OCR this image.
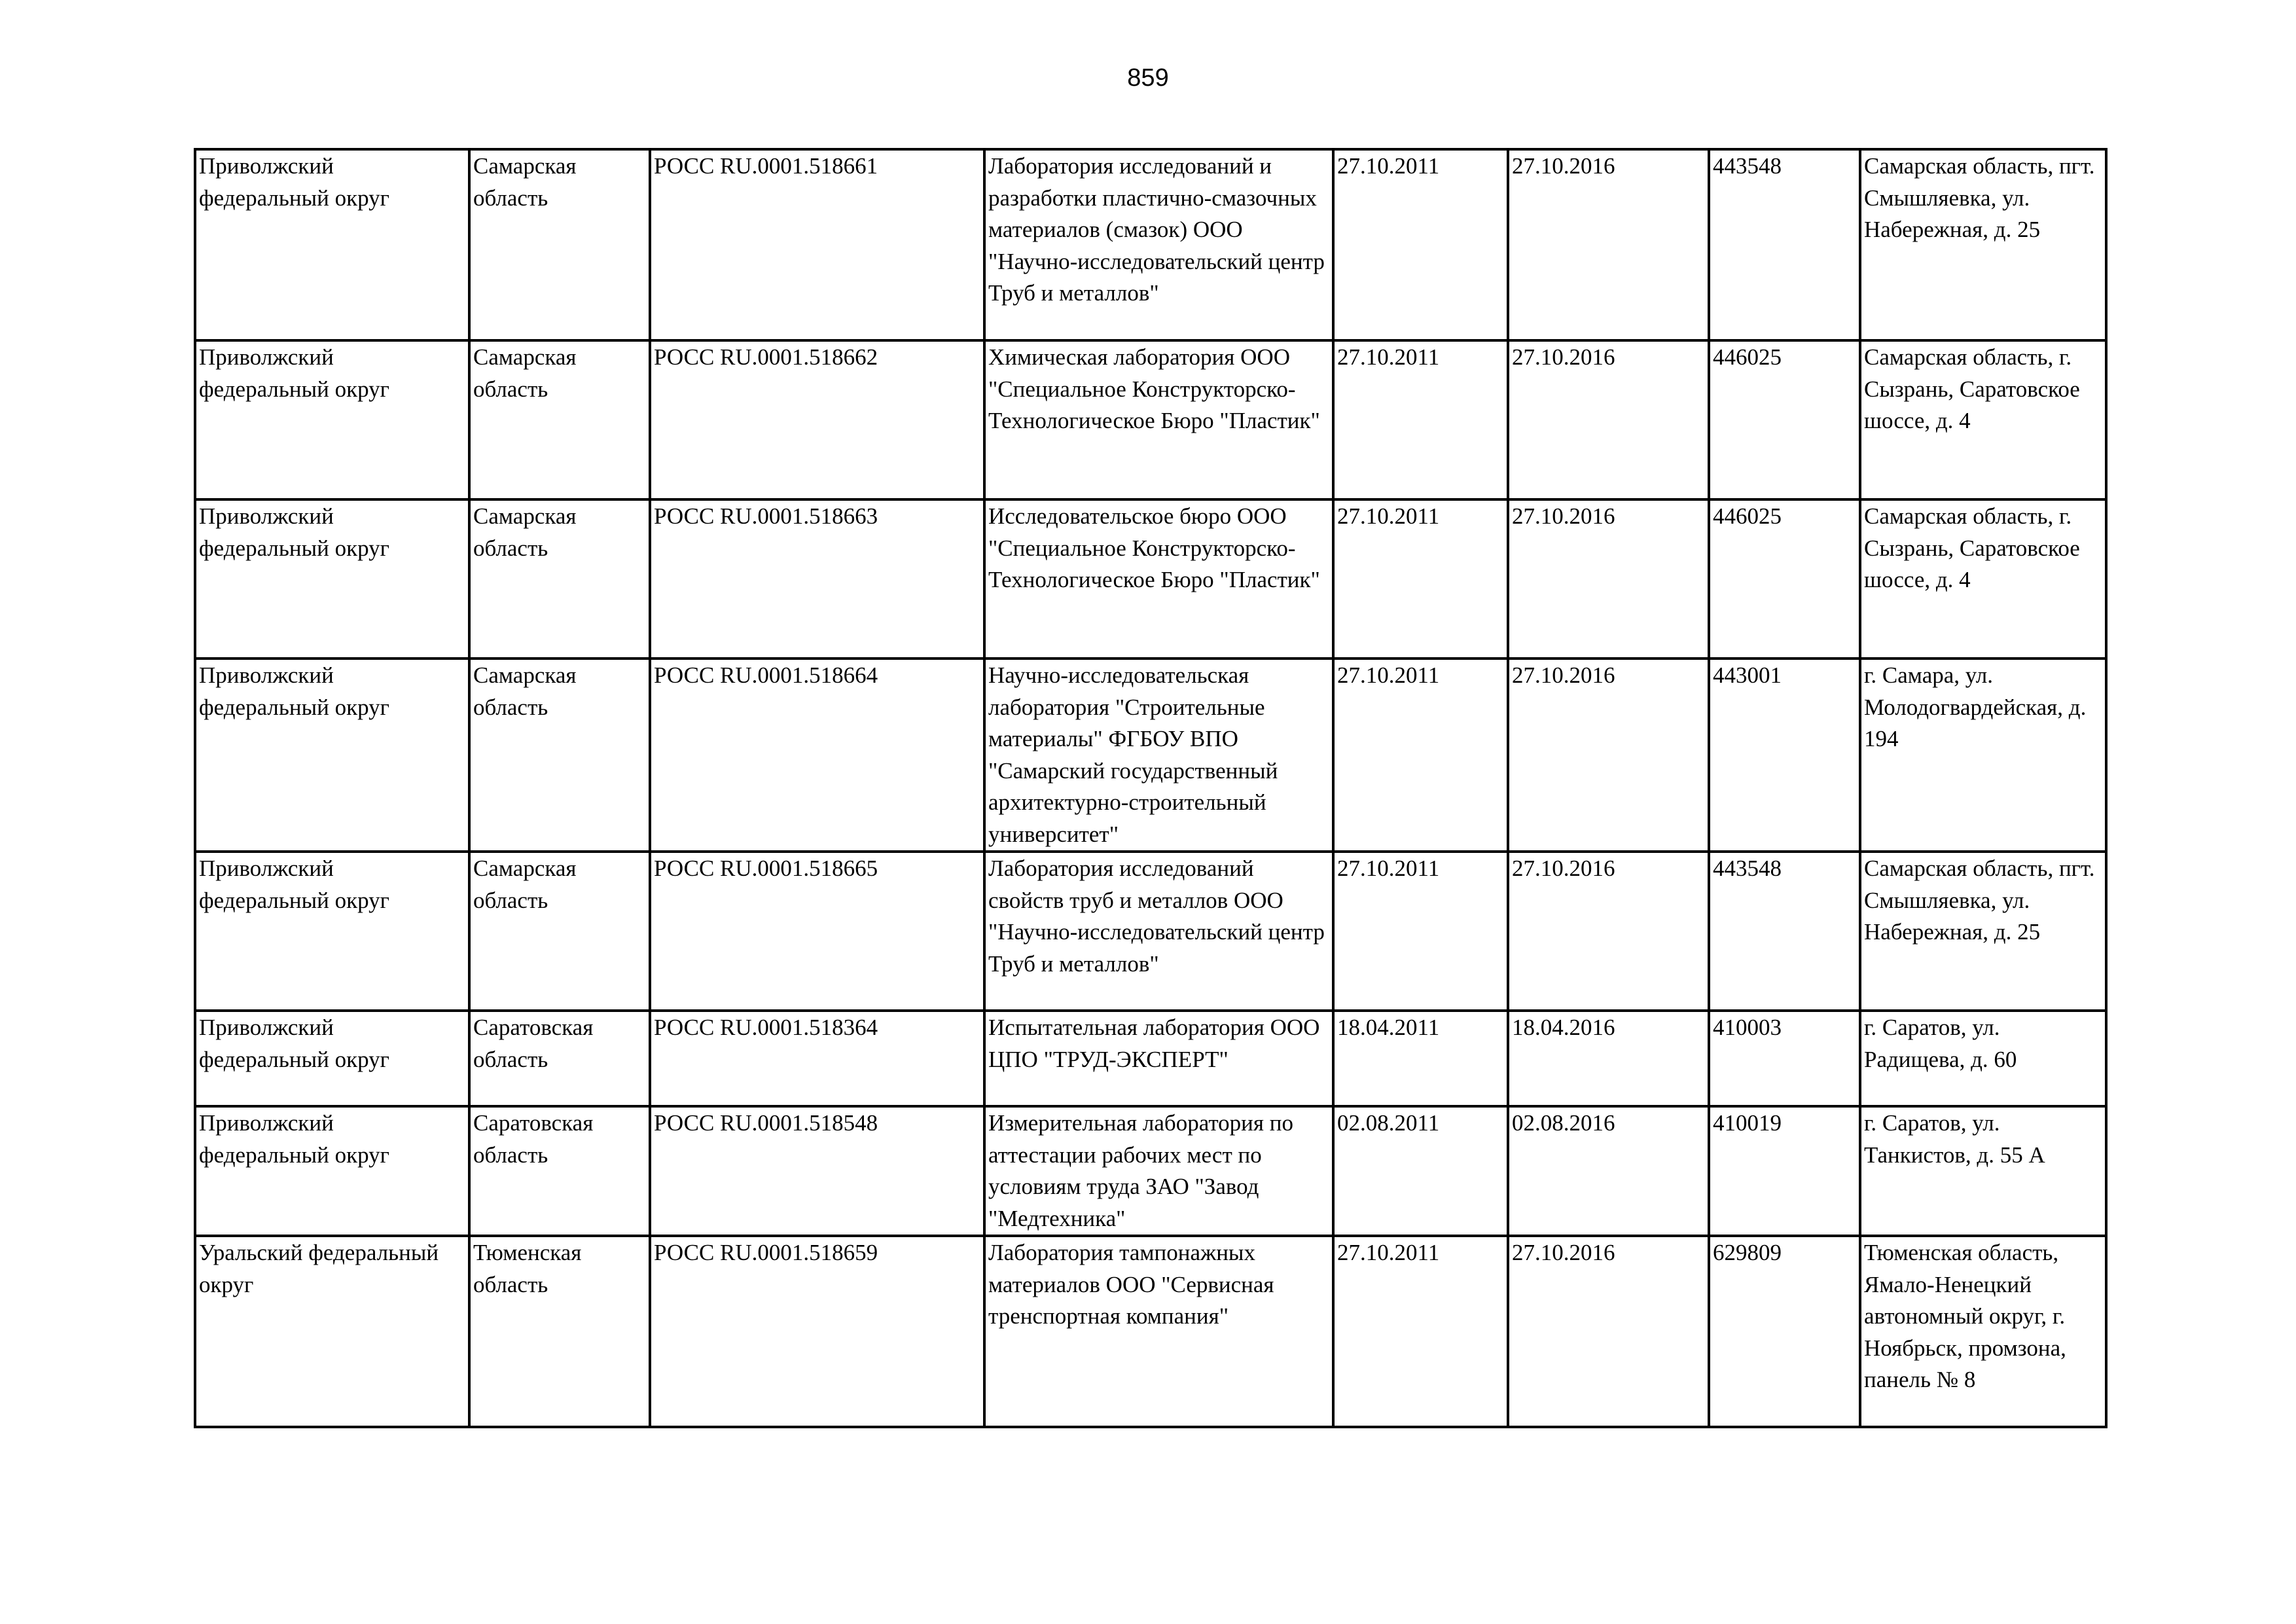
859
Приволжский федеральный округ	Самарская область	РОСС RU.0001.518661	Лаборатория исследований и разработки пластично-смазочных материалов (смазок) ООО "Научно-исследовательский центр Труб и металлов"	27.10.2011	27.10.2016	443548	Самарская область, пгт. Смышляевка, ул. Набережная, д. 25
Приволжский федеральный округ	Самарская область	РОСС RU.0001.518662	Химическая лаборатория ООО "Специальное Конструкторско-Технологическое Бюро "Пластик"	27.10.2011	27.10.2016	446025	Самарская область, г. Сызрань, Саратовское шоссе, д. 4
Приволжский федеральный округ	Самарская область	РОСС RU.0001.518663	Исследовательское бюро ООО "Специальное Конструкторско-Технологическое Бюро "Пластик"	27.10.2011	27.10.2016	446025	Самарская область, г. Сызрань, Саратовское шоссе, д. 4
Приволжский федеральный округ	Самарская область	РОСС RU.0001.518664	Научно-исследовательская лаборатория "Строительные материалы" ФГБОУ ВПО "Самарский государственный архитектурно-строительный университет"	27.10.2011	27.10.2016	443001	г. Самара, ул. Молодогвардейская, д. 194
Приволжский федеральный округ	Самарская область	РОСС RU.0001.518665	Лаборатория исследований свойств труб и металлов ООО "Научно-исследовательский центр Труб и металлов"	27.10.2011	27.10.2016	443548	Самарская область, пгт. Смышляевка, ул. Набережная, д. 25
Приволжский федеральный округ	Саратовская область	РОСС RU.0001.518364	Испытательная лаборатория ООО ЦПО "ТРУД-ЭКСПЕРТ"	18.04.2011	18.04.2016	410003	г. Саратов, ул. Радищева, д. 60
Приволжский федеральный округ	Саратовская область	РОСС RU.0001.518548	Измерительная лаборатория по аттестации рабочих мест по условиям труда ЗАО "Завод "Медтехника"	02.08.2011	02.08.2016	410019	г. Саратов, ул. Танкистов, д. 55 А
Уральский федеральный округ	Тюменская область	РОСС RU.0001.518659	Лаборатория тампонажных материалов ООО "Сервисная тренспортная компания"	27.10.2011	27.10.2016	629809	Тюменская область, Ямало-Ненецкий автономный округ, г. Ноябрьск, промзона, панель № 8
